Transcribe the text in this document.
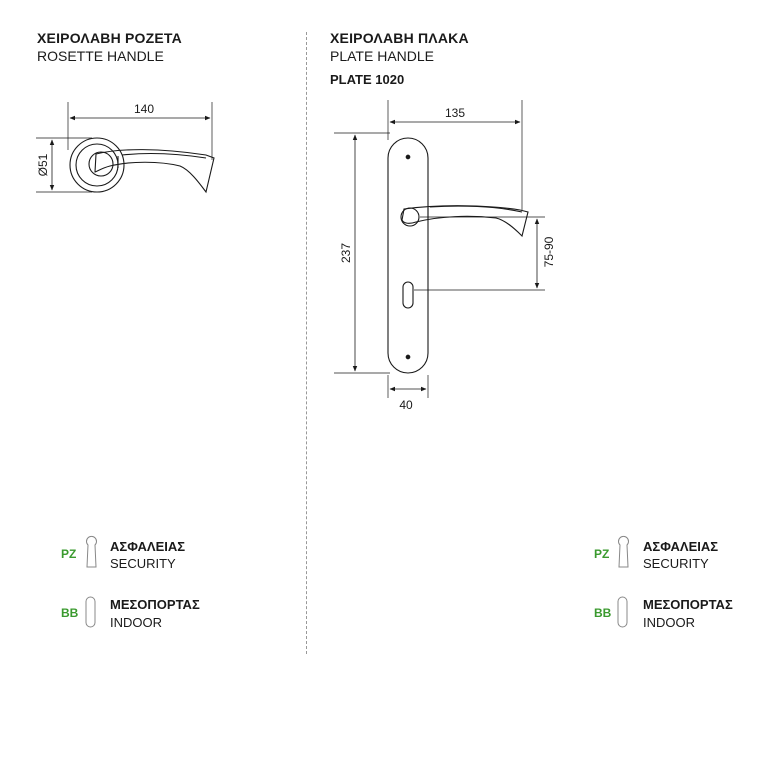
ΧΕΙΡΟΛΑΒΗ ΡΟΖΕΤΑ
ROSETTE HANDLE
ΧΕΙΡΟΛΑΒΗ ΠΛΑΚΑ
PLATE HANDLE
PLATE 1020
140
Ø51
135
237
40
75-90
PZ	ΑΣΦΑΛΕΙΑΣ
SECURITY
BB
ΜΕΣΟΠΟΡΤΑΣ
INDOOR
PZ	ΑΣΦΑΛΕΙΑΣ
SECURITY
BB
ΜΕΣΟΠΟΡΤΑΣ
INDOOR
